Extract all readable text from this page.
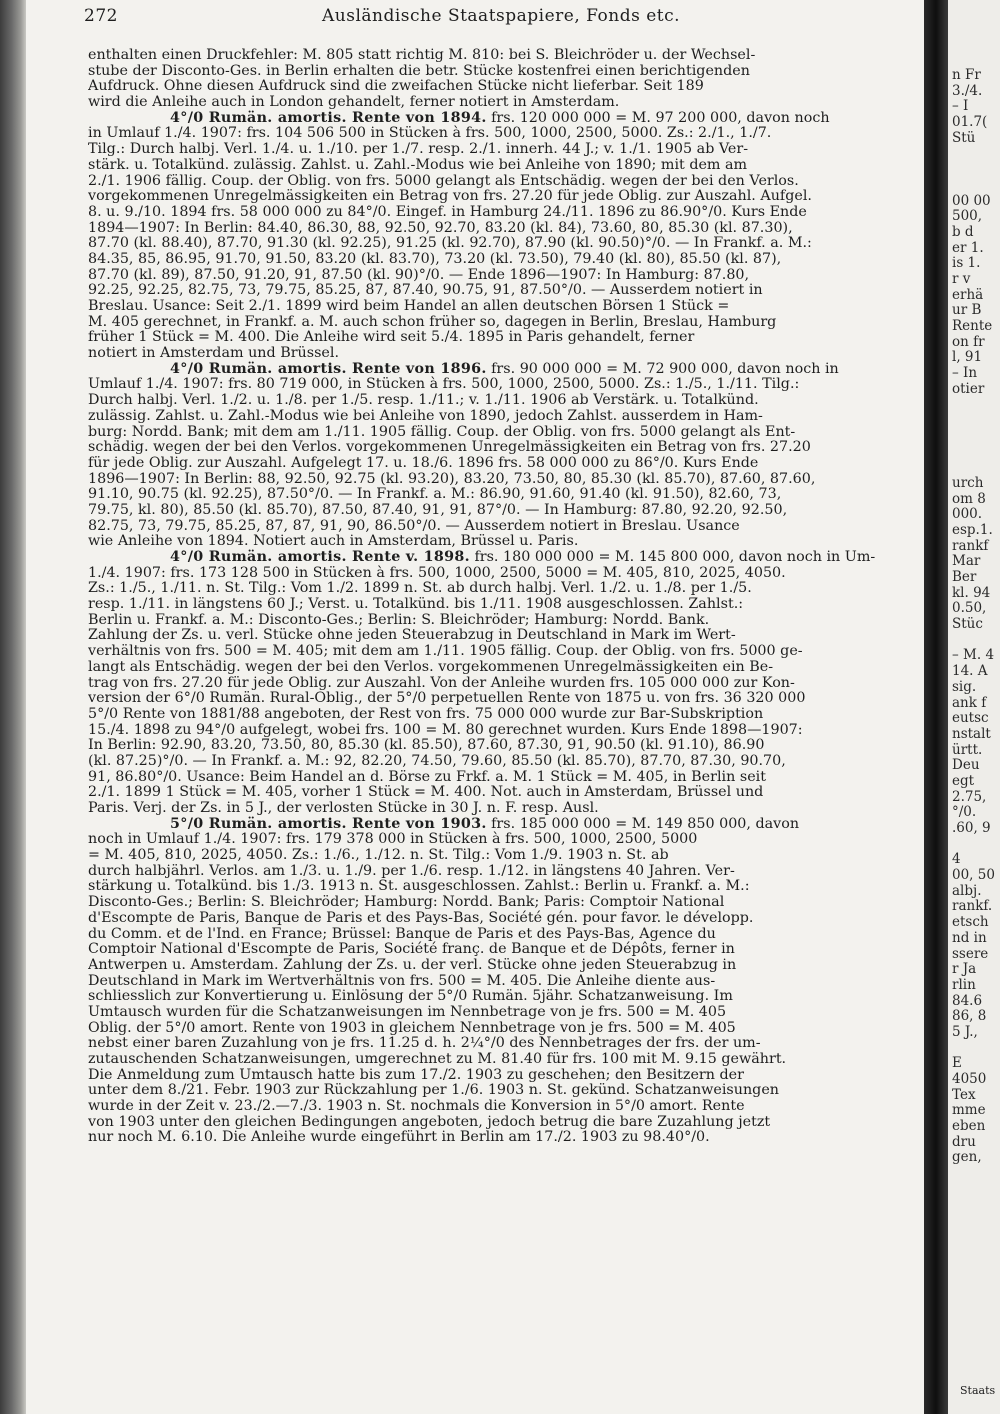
272	Ausländische Staatspapiere, Fonds etc.
enthalten einen Druckfehler: M. 805 statt richtig M. 810: bei S. Bleichröder u. der Wechsel-
stube der Disconto-Ges. in Berlin erhalten die betr. Stücke kostenfrei einen berichtigenden
Aufdruck. Ohne diesen Aufdruck sind die zweifachen Stücke nicht lieferbar. Seit 189
wird die Anleihe auch in London gehandelt, ferner notiert in Amsterdam.
4°/0 Rumän. amortis. Rente von 1894. frs. 120 000 000 = M. 97 200 000, davon noch
in Umlauf 1./4. 1907: frs. 104 506 500 in Stücken à frs. 500, 1000, 2500, 5000. Zs.: 2./1., 1./7.
Tilg.: Durch halbj. Verl. 1./4. u. 1./10. per 1./7. resp. 2./1. innerh. 44 J.; v. 1./1. 1905 ab Ver-
stärk. u. Totalkünd. zulässig. Zahlst. u. Zahl.-Modus wie bei Anleihe von 1890; mit dem am
2./1. 1906 fällig. Coup. der Oblig. von frs. 5000 gelangt als Entschädig. wegen der bei den Verlos.
vorgekommenen Unregelmässigkeiten ein Betrag von frs. 27.20 für jede Oblig. zur Auszahl. Aufgel.
8. u. 9./10. 1894 frs. 58 000 000 zu 84°/0. Eingef. in Hamburg 24./11. 1896 zu 86.90°/0. Kurs Ende
1894—1907: In Berlin: 84.40, 86.30, 88, 92.50, 92.70, 83.20 (kl. 84), 73.60, 80, 85.30 (kl. 87.30),
87.70 (kl. 88.40), 87.70, 91.30 (kl. 92.25), 91.25 (kl. 92.70), 87.90 (kl. 90.50)°/0. — In Frankf. a. M.:
84.35, 85, 86.95, 91.70, 91.50, 83.20 (kl. 83.70), 73.20 (kl. 73.50), 79.40 (kl. 80), 85.50 (kl. 87),
87.70 (kl. 89), 87.50, 91.20, 91, 87.50 (kl. 90)°/0. — Ende 1896—1907: In Hamburg: 87.80,
92.25, 92.25, 82.75, 73, 79.75, 85.25, 87, 87.40, 90.75, 91, 87.50°/0. — Ausserdem notiert in
Breslau. Usance: Seit 2./1. 1899 wird beim Handel an allen deutschen Börsen 1 Stück =
M. 405 gerechnet, in Frankf. a. M. auch schon früher so, dagegen in Berlin, Breslau, Hamburg
früher 1 Stück = M. 400. Die Anleihe wird seit 5./4. 1895 in Paris gehandelt, ferner
notiert in Amsterdam und Brüssel.
4°/0 Rumän. amortis. Rente von 1896. frs. 90 000 000 = M. 72 900 000, davon noch in
Umlauf 1./4. 1907: frs. 80 719 000, in Stücken à frs. 500, 1000, 2500, 5000. Zs.: 1./5., 1./11. Tilg.:
Durch halbj. Verl. 1./2. u. 1./8. per 1./5. resp. 1./11.; v. 1./11. 1906 ab Verstärk. u. Totalkünd.
zulässig. Zahlst. u. Zahl.-Modus wie bei Anleihe von 1890, jedoch Zahlst. ausserdem in Ham-
burg: Nordd. Bank; mit dem am 1./11. 1905 fällig. Coup. der Oblig. von frs. 5000 gelangt als Ent-
schädig. wegen der bei den Verlos. vorgekommenen Unregelmässigkeiten ein Betrag von frs. 27.20
für jede Oblig. zur Auszahl. Aufgelegt 17. u. 18./6. 1896 frs. 58 000 000 zu 86°/0. Kurs Ende
1896—1907: In Berlin: 88, 92.50, 92.75 (kl. 93.20), 83.20, 73.50, 80, 85.30 (kl. 85.70), 87.60, 87.60,
91.10, 90.75 (kl. 92.25), 87.50°/0. — In Frankf. a. M.: 86.90, 91.60, 91.40 (kl. 91.50), 82.60, 73,
79.75, kl. 80), 85.50 (kl. 85.70), 87.50, 87.40, 91, 91, 87°/0. — In Hamburg: 87.80, 92.20, 92.50,
82.75, 73, 79.75, 85.25, 87, 87, 91, 90, 86.50°/0. — Ausserdem notiert in Breslau. Usance
wie Anleihe von 1894. Notiert auch in Amsterdam, Brüssel u. Paris.
4°/0 Rumän. amortis. Rente v. 1898. frs. 180 000 000 = M. 145 800 000, davon noch in Um-
1./4. 1907: frs. 173 128 500 in Stücken à frs. 500, 1000, 2500, 5000 = M. 405, 810, 2025, 4050.
Zs.: 1./5., 1./11. n. St. Tilg.: Vom 1./2. 1899 n. St. ab durch halbj. Verl. 1./2. u. 1./8. per 1./5.
resp. 1./11. in längstens 60 J.; Verst. u. Totalkünd. bis 1./11. 1908 ausgeschlossen. Zahlst.:
Berlin u. Frankf. a. M.: Disconto-Ges.; Berlin: S. Bleichröder; Hamburg: Nordd. Bank.
Zahlung der Zs. u. verl. Stücke ohne jeden Steuerabzug in Deutschland in Mark im Wert-
verhältnis von frs. 500 = M. 405; mit dem am 1./11. 1905 fällig. Coup. der Oblig. von frs. 5000 ge-
langt als Entschädig. wegen der bei den Verlos. vorgekommenen Unregelmässigkeiten ein Be-
trag von frs. 27.20 für jede Oblig. zur Auszahl. Von der Anleihe wurden frs. 105 000 000 zur Kon-
version der 6°/0 Rumän. Rural-Oblig., der 5°/0 perpetuellen Rente von 1875 u. von frs. 36 320 000
5°/0 Rente von 1881/88 angeboten, der Rest von frs. 75 000 000 wurde zur Bar-Subskription
15./4. 1898 zu 94°/0 aufgelegt, wobei frs. 100 = M. 80 gerechnet wurden. Kurs Ende 1898—1907:
In Berlin: 92.90, 83.20, 73.50, 80, 85.30 (kl. 85.50), 87.60, 87.30, 91, 90.50 (kl. 91.10), 86.90
(kl. 87.25)°/0. — In Frankf. a. M.: 92, 82.20, 74.50, 79.60, 85.50 (kl. 85.70), 87.70, 87.30, 90.70,
91, 86.80°/0. Usance: Beim Handel an d. Börse zu Frkf. a. M. 1 Stück = M. 405, in Berlin seit
2./1. 1899 1 Stück = M. 405, vorher 1 Stück = M. 400. Not. auch in Amsterdam, Brüssel und
Paris. Verj. der Zs. in 5 J., der verlosten Stücke in 30 J. n. F. resp. Ausl.
5°/0 Rumän. amortis. Rente von 1903. frs. 185 000 000 = M. 149 850 000, davon
noch in Umlauf 1./4. 1907: frs. 179 378 000 in Stücken à frs. 500, 1000, 2500, 5000
= M. 405, 810, 2025, 4050. Zs.: 1./6., 1./12. n. St. Tilg.: Vom 1./9. 1903 n. St. ab
durch halbjährl. Verlos. am 1./3. u. 1./9. per 1./6. resp. 1./12. in längstens 40 Jahren. Ver-
stärkung u. Totalkünd. bis 1./3. 1913 n. St. ausgeschlossen. Zahlst.: Berlin u. Frankf. a. M.:
Disconto-Ges.; Berlin: S. Bleichröder; Hamburg: Nordd. Bank; Paris: Comptoir National
d'Escompte de Paris, Banque de Paris et des Pays-Bas, Société gén. pour favor. le développ.
du Comm. et de l'Ind. en France; Brüssel: Banque de Paris et des Pays-Bas, Agence du
Comptoir National d'Escompte de Paris, Société franç. de Banque et de Dépôts, ferner in
Antwerpen u. Amsterdam. Zahlung der Zs. u. der verl. Stücke ohne jeden Steuerabzug in
Deutschland in Mark im Wertverhältnis von frs. 500 = M. 405. Die Anleihe diente aus-
schliesslich zur Konvertierung u. Einlösung der 5°/0 Rumän. 5jähr. Schatzanweisung. Im
Umtausch wurden für die Schatzanweisungen im Nennbetrage von je frs. 500 = M. 405
Oblig. der 5°/0 amort. Rente von 1903 in gleichem Nennbetrage von je frs. 500 = M. 405
nebst einer baren Zuzahlung von je frs. 11.25 d. h. 2¼°/0 des Nennbetrages der frs. der um-
zutauschenden Schatzanweisungen, umgerechnet zu M. 81.40 für frs. 100 mit M. 9.15 gewährt.
Die Anmeldung zum Umtausch hatte bis zum 17./2. 1903 zu geschehen; den Besitzern der
unter dem 8./21. Febr. 1903 zur Rückzahlung per 1./6. 1903 n. St. gekünd. Schatzanweisungen
wurde in der Zeit v. 23./2.—7./3. 1903 n. St. nochmals die Konversion in 5°/0 amort. Rente
von 1903 unter den gleichen Bedingungen angeboten, jedoch betrug die bare Zuzahlung jetzt
nur noch M. 6.10. Die Anleihe wurde eingeführt in Berlin am 17./2. 1903 zu 98.40°/0.
n Fr
3./4.
– I
01.7(
Stü
00 00
500,
b d
er 1.
is 1.
r v
erhä
ur B
Rente
on fr
l, 91
– In
otier
urch
om 8
000.
esp.1.
rankf
Mar
Ber
kl. 94
0.50,
Stüc
– M. 4
14. A
sig.
ank f
eutsc
nstalt
ürtt.
Deu
egt
2.75,
°/0.
.60, 9
4
00, 50
albj.
rankf.
etsch
nd in
ssere
r Ja
rlin
84.6
86, 8
5 J.,
E
4050
Tex
mme
eben
dru
gen,
Staats
